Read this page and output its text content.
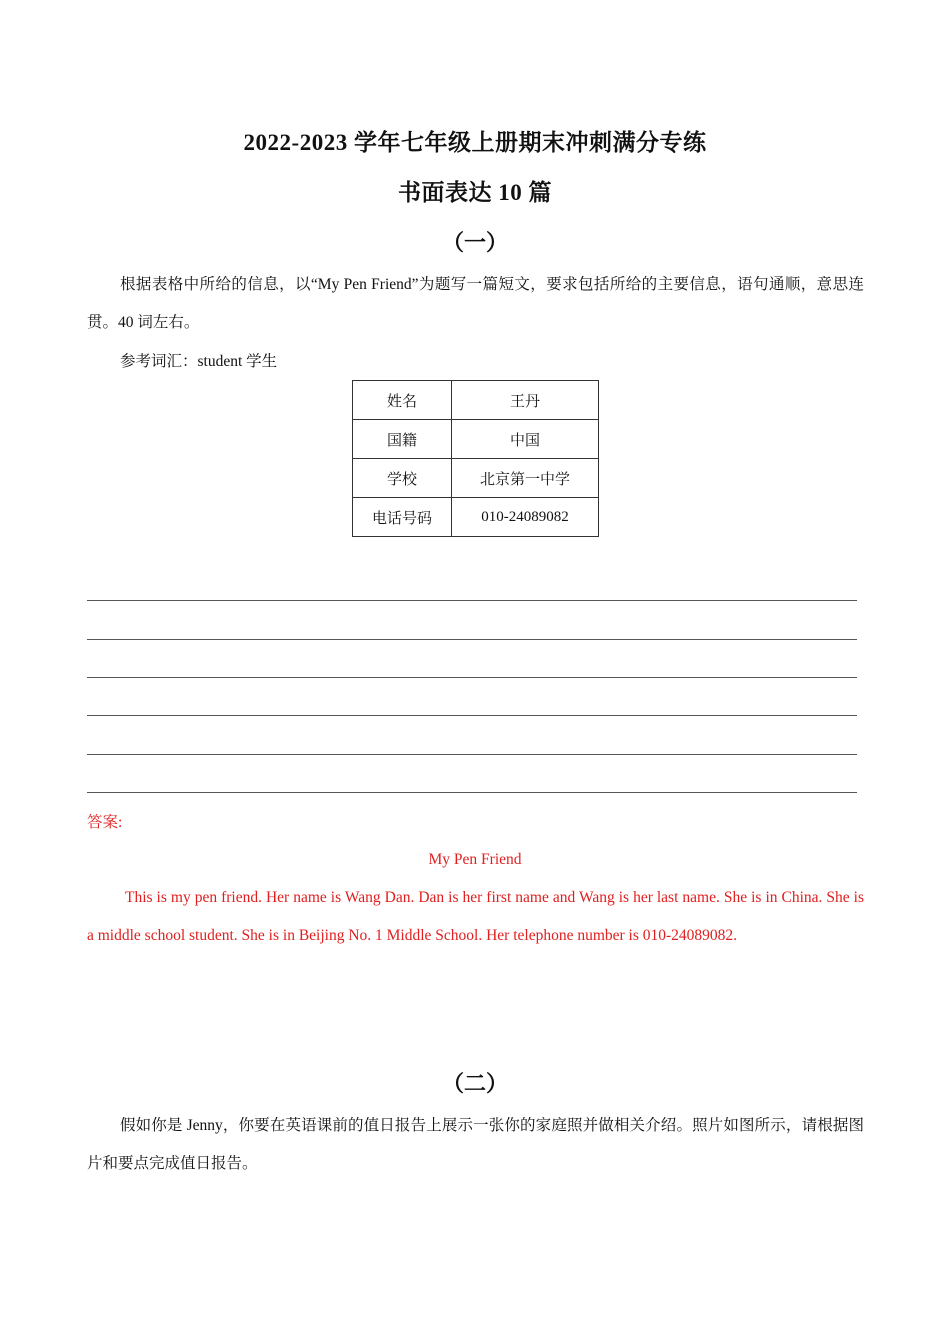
2022-2023 学年七年级上册期末冲刺满分专练
书面表达 10 篇
（一）
根据表格中所给的信息，以“My Pen Friend”为题写一篇短文，要求包括所给的主要信息，语句通顺，意思连贯。40 词左右。
参考词汇：student 学生
姓名	王丹
国籍	中国
学校	北京第一中学
电话号码	010-24089082
答案:
My Pen Friend
This is my pen friend. Her name is Wang Dan. Dan is her first name and Wang is her last name. She is in China. She is a middle school student. She is in Beijing No. 1 Middle School. Her telephone number is 010-24089082.
（二）
假如你是 Jenny，你要在英语课前的值日报告上展示一张你的家庭照并做相关介绍。照片如图所示，请根据图片和要点完成值日报告。
